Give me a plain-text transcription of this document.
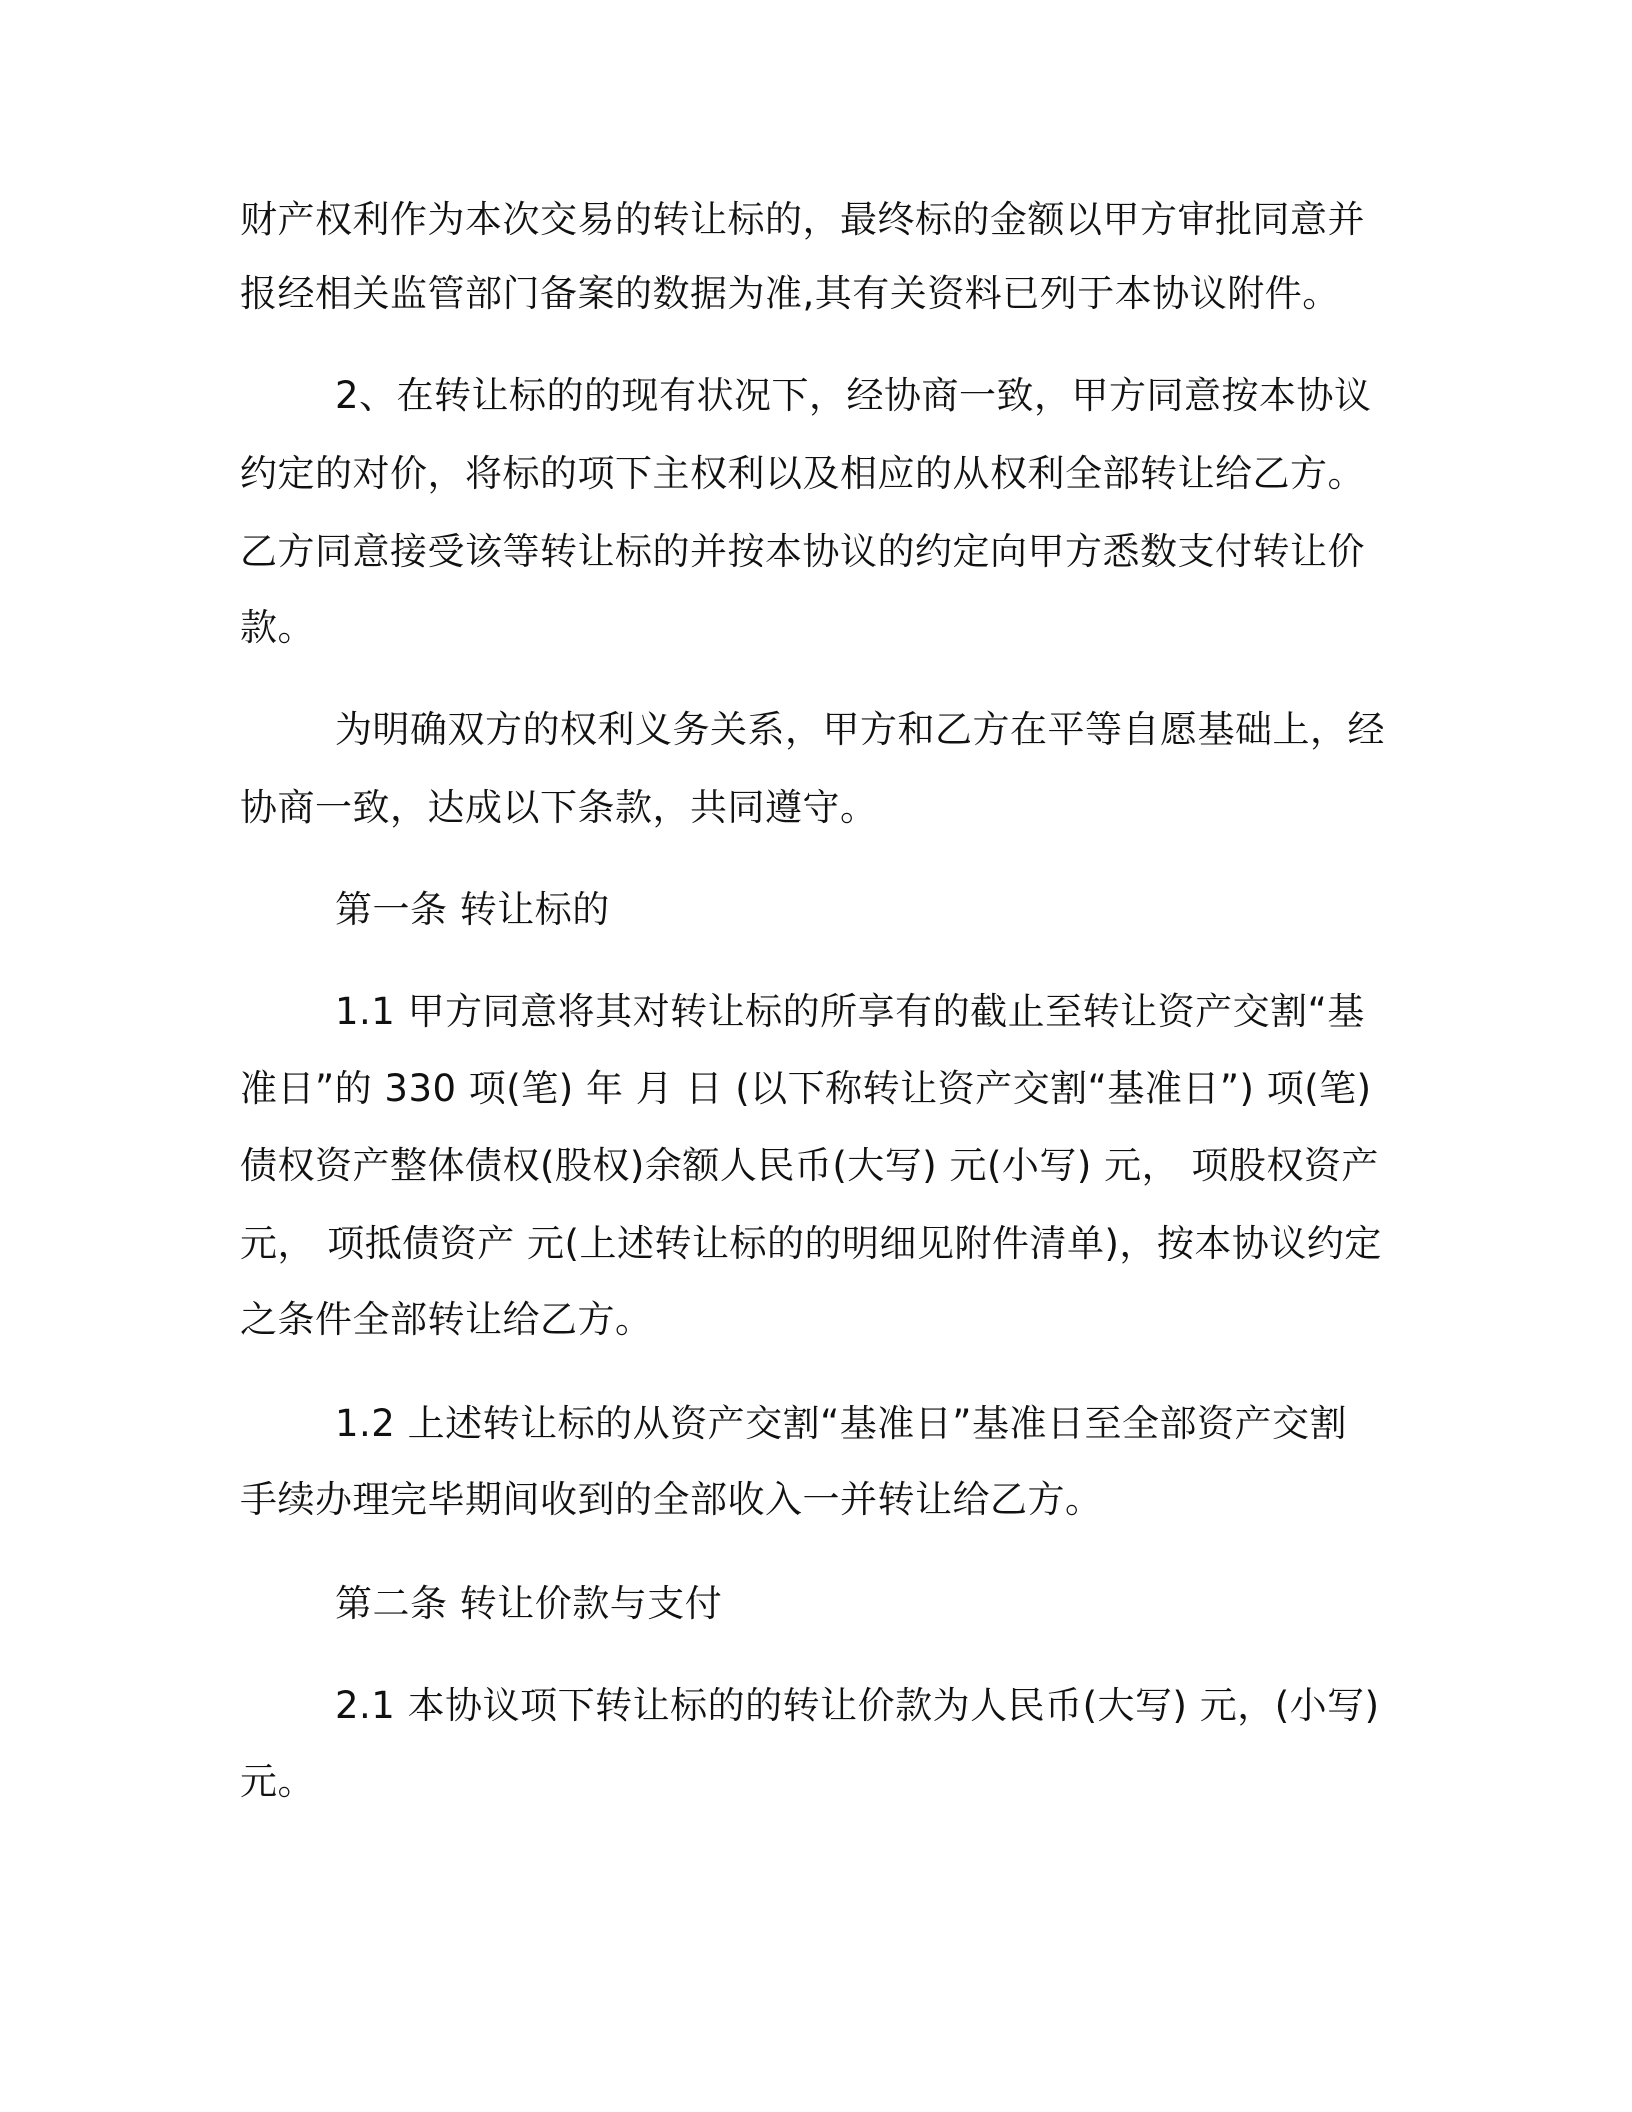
财产权利作为本次交易的转让标的，最终标的金额以甲方审批同意并
报经相关监管部门备案的数据为准,其有关资料已列于本协议附件。
2、在转让标的的现有状况下，经协商一致，甲方同意按本协议
约定的对价，将标的项下主权利以及相应的从权利全部转让给乙方。
乙方同意接受该等转让标的并按本协议的约定向甲方悉数支付转让价
款。
为明确双方的权利义务关系，甲方和乙方在平等自愿基础上，经
协商一致，达成以下条款，共同遵守。
第一条 转让标的
1.1 甲方同意将其对转让标的所享有的截止至转让资产交割“基
准日”的 330 项(笔) 年 月 日 (以下称转让资产交割“基准日”) 项(笔)
债权资产整体债权(股权)余额人民币(大写) 元(小写) 元， 项股权资产
元， 项抵债资产 元(上述转让标的的明细见附件清单)，按本协议约定
之条件全部转让给乙方。
1.2 上述转让标的从资产交割“基准日”基准日至全部资产交割
手续办理完毕期间收到的全部收入一并转让给乙方。
第二条 转让价款与支付
2.1 本协议项下转让标的的转让价款为人民币(大写) 元，(小写)
元。
